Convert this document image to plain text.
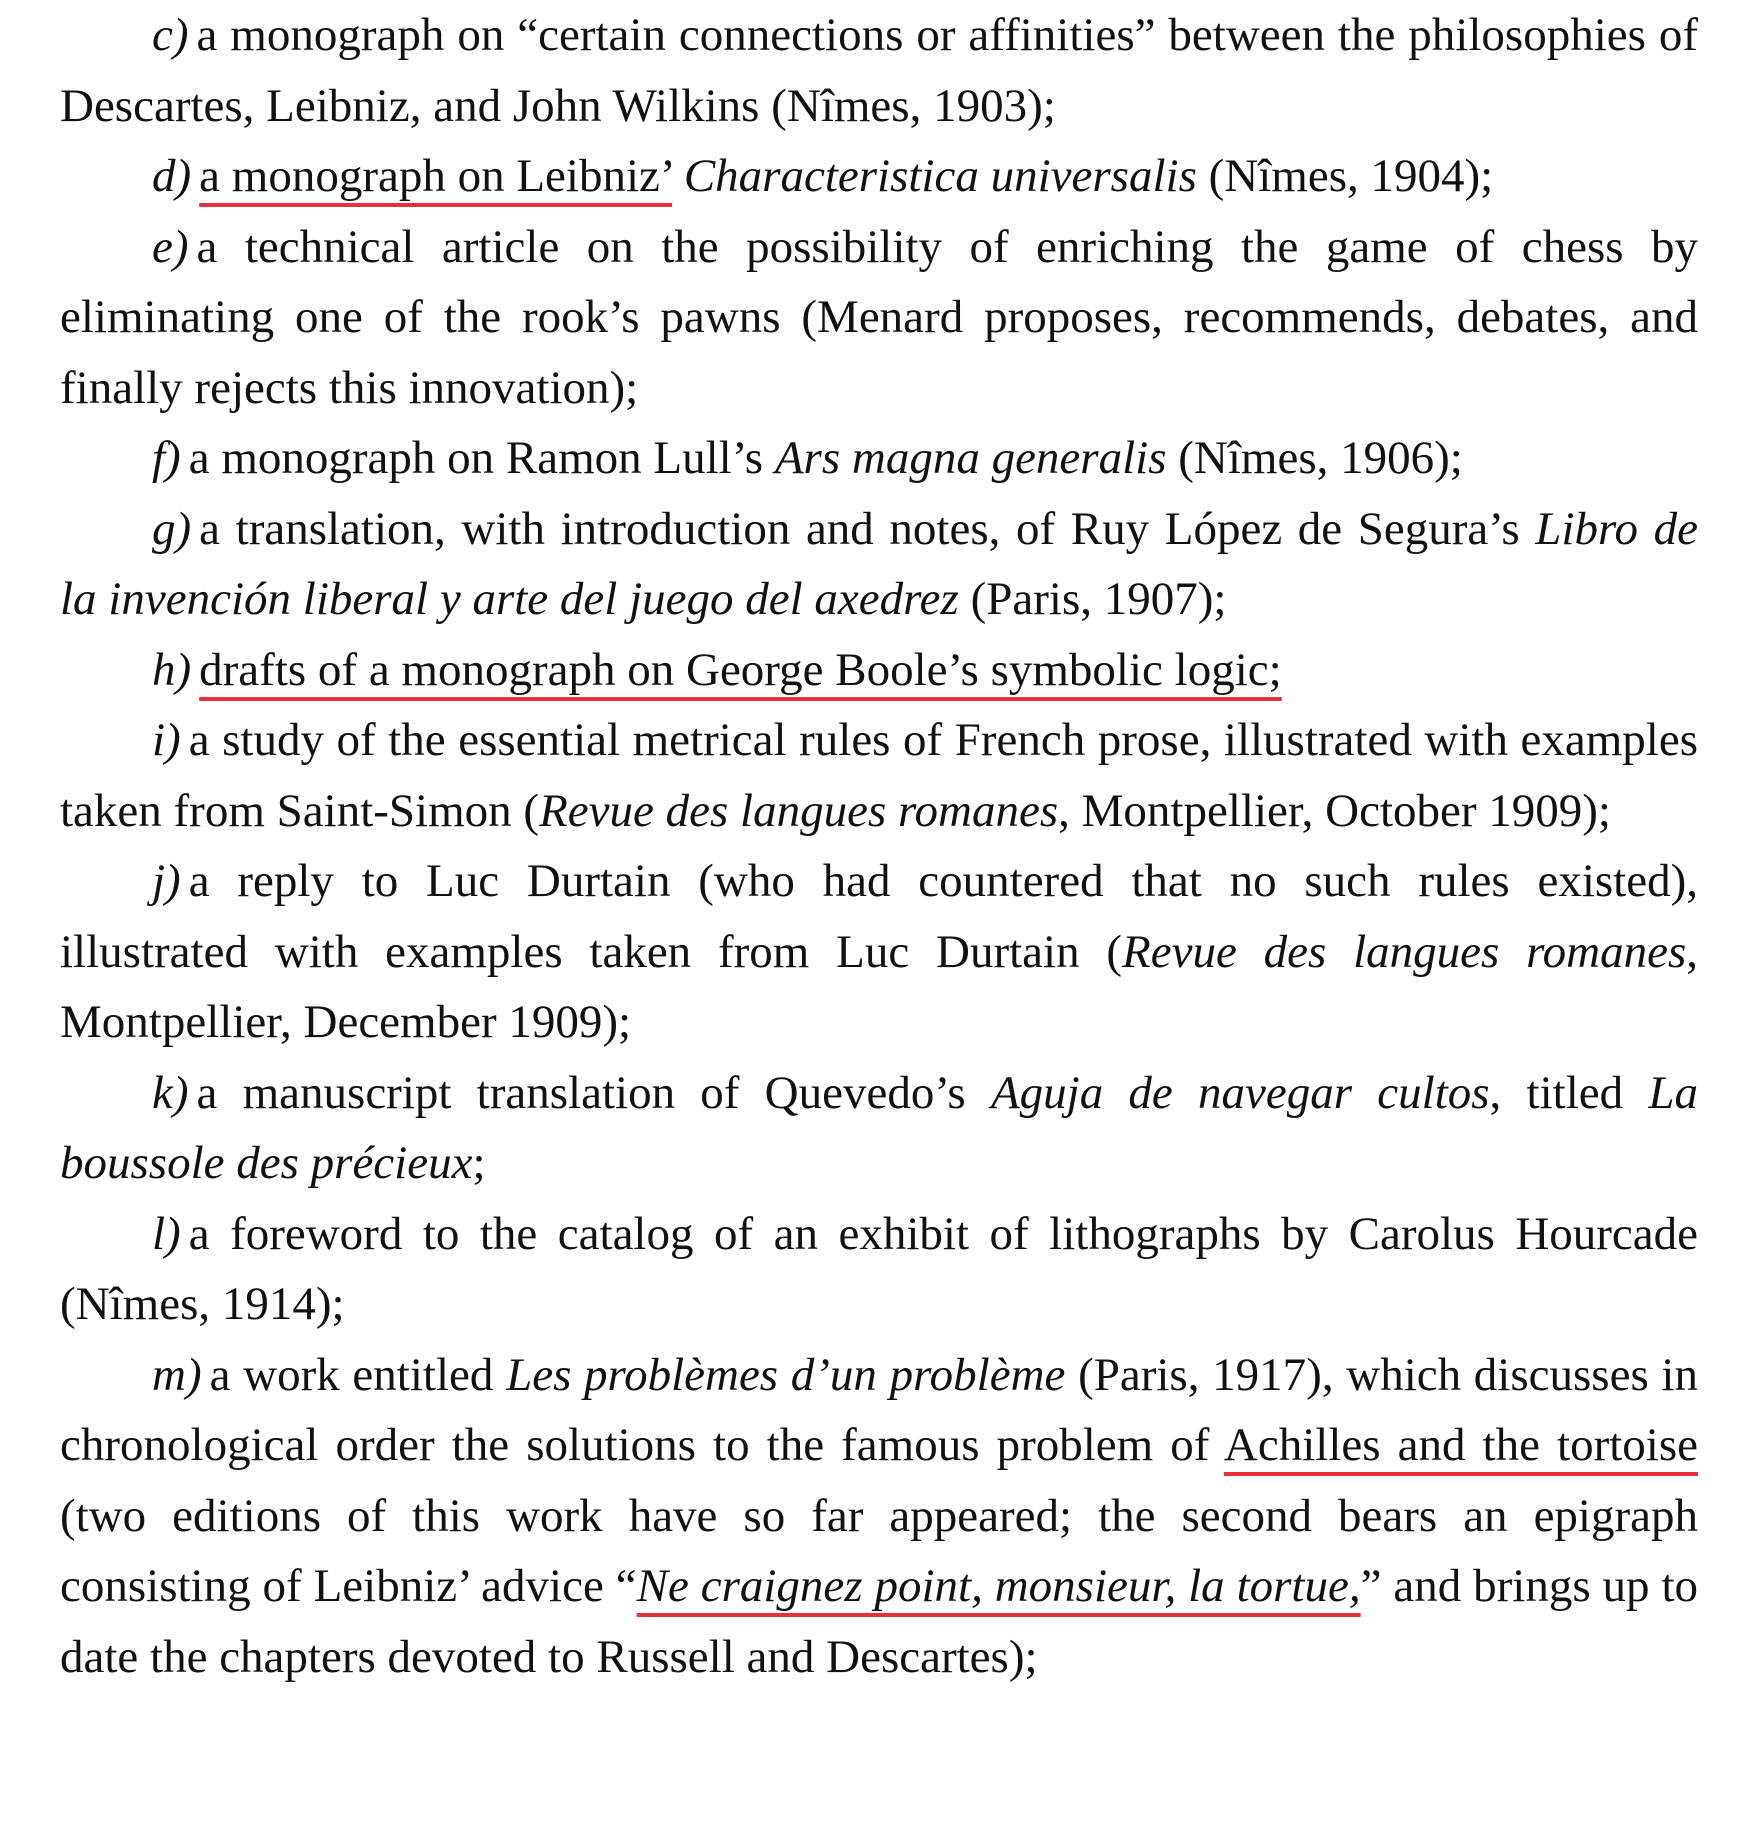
c) a monograph on “certain connections or affinities” between the philosophies of Descartes, Leibniz, and John Wilkins (Nîmes, 1903);

d) a monograph on Leibniz’ Characteristica universalis (Nîmes, 1904);

e) a technical article on the possibility of enriching the game of chess by eliminating one of the rook’s pawns (Menard proposes, recommends, debates, and finally rejects this innovation);

f) a monograph on Ramon Lull’s Ars magna generalis (Nîmes, 1906);

g) a translation, with introduction and notes, of Ruy López de Segura’s Libro de la invención liberal y arte del juego del axedrez (Paris, 1907);

h) drafts of a monograph on George Boole’s symbolic logic;

i) a study of the essential metrical rules of French prose, illustrated with examples taken from Saint-Simon (Revue des langues romanes, Montpellier, October 1909);

j) a reply to Luc Durtain (who had countered that no such rules existed), illustrated with examples taken from Luc Durtain (Revue des langues romanes, Montpellier, December 1909);

k) a manuscript translation of Quevedo’s Aguja de navegar cultos, titled La boussole des précieux;

l) a foreword to the catalog of an exhibit of lithographs by Carolus Hourcade (Nîmes, 1914);

m) a work entitled Les problèmes d’un problème (Paris, 1917), which discusses in chronological order the solutions to the famous problem of Achilles and the tortoise (two editions of this work have so far appeared; the second bears an epigraph consisting of Leibniz’ advice “Ne craignez point, monsieur, la tortue,” and brings up to date the chapters devoted to Russell and Descartes);
